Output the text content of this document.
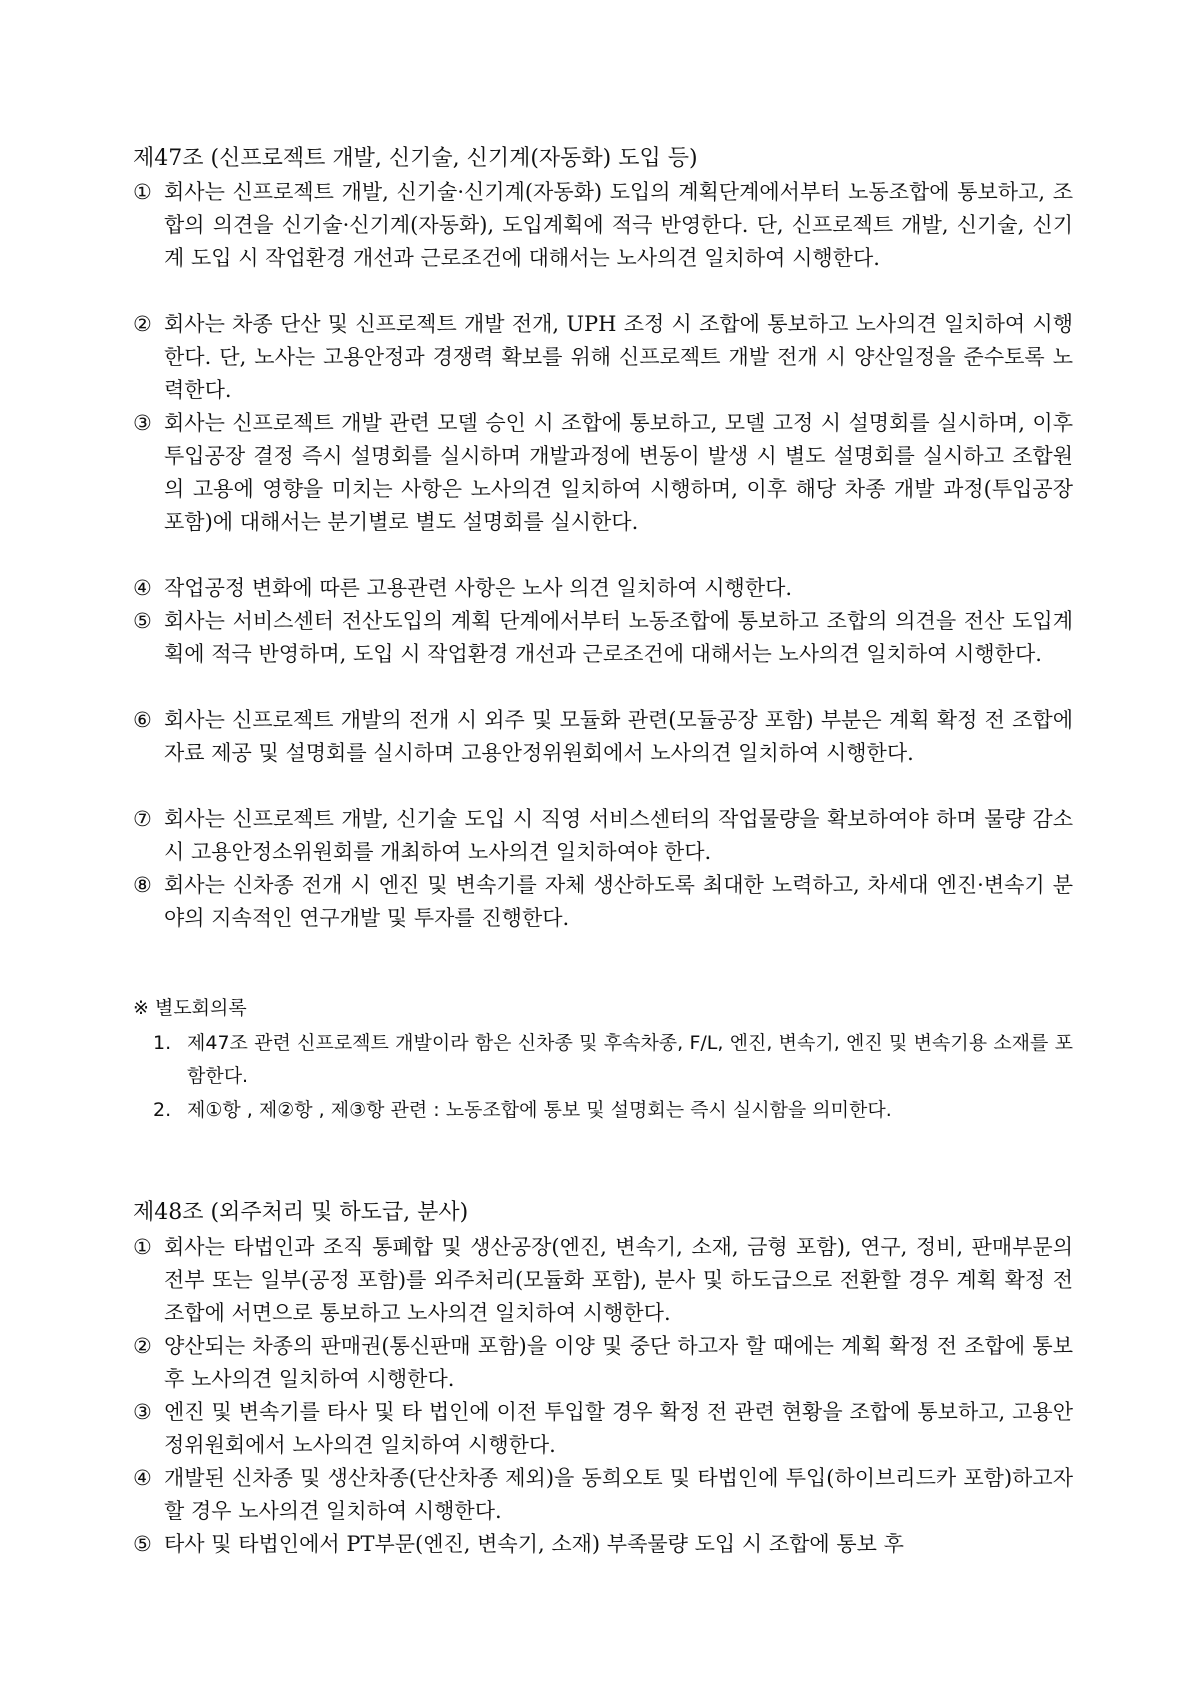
제47조 (신프로젝트 개발, 신기술, 신기계(자동화) 도입 등)
① 회사는 신프로젝트 개발, 신기술·신기계(자동화) 도입의 계획단계에서부터 노동조합에 통보하고, 조합의 의견을 신기술·신기계(자동화), 도입계획에 적극 반영한다. 단, 신프로젝트 개발, 신기술, 신기계 도입 시 작업환경 개선과 근로조건에 대해서는 노사의견 일치하여 시행한다.
② 회사는 차종 단산 및 신프로젝트 개발 전개, UPH 조정 시 조합에 통보하고 노사의견 일치하여 시행한다. 단, 노사는 고용안정과 경쟁력 확보를 위해 신프로젝트 개발 전개 시 양산일정을 준수토록 노력한다.
③ 회사는 신프로젝트 개발 관련 모델 승인 시 조합에 통보하고, 모델 고정 시 설명회를 실시하며, 이후 투입공장 결정 즉시 설명회를 실시하며 개발과정에 변동이 발생 시 별도 설명회를 실시하고 조합원의 고용에 영향을 미치는 사항은 노사의견 일치하여 시행하며, 이후 해당 차종 개발 과정(투입공장 포함)에 대해서는 분기별로 별도 설명회를 실시한다.
④ 작업공정 변화에 따른 고용관련 사항은 노사 의견 일치하여 시행한다.
⑤ 회사는 서비스센터 전산도입의 계획 단계에서부터 노동조합에 통보하고 조합의 의견을 전산 도입계획에 적극 반영하며, 도입 시 작업환경 개선과 근로조건에 대해서는 노사의견 일치하여 시행한다.
⑥ 회사는 신프로젝트 개발의 전개 시 외주 및 모듈화 관련(모듈공장 포함) 부분은 계획 확정 전 조합에 자료 제공 및 설명회를 실시하며 고용안정위원회에서 노사의견 일치하여 시행한다.
⑦ 회사는 신프로젝트 개발, 신기술 도입 시 직영 서비스센터의 작업물량을 확보하여야 하며 물량 감소 시 고용안정소위원회를 개최하여 노사의견 일치하여야 한다.
⑧ 회사는 신차종 전개 시 엔진 및 변속기를 자체 생산하도록 최대한 노력하고, 차세대 엔진·변속기 분야의 지속적인 연구개발 및 투자를 진행한다.
※ 별도회의록
1. 제47조 관련 신프로젝트 개발이라 함은 신차종 및 후속차종, F/L, 엔진, 변속기, 엔진 및 변속기용 소재를 포함한다.
2. 제①항 , 제②항 , 제③항 관련 : 노동조합에 통보 및 설명회는 즉시 실시함을 의미한다.
제48조 (외주처리 및 하도급, 분사)
① 회사는 타법인과 조직 통폐합 및 생산공장(엔진, 변속기, 소재, 금형 포함), 연구, 정비, 판매부문의 전부 또는 일부(공정 포함)를 외주처리(모듈화 포함), 분사 및 하도급으로 전환할 경우 계획 확정 전 조합에 서면으로 통보하고 노사의견 일치하여 시행한다.
② 양산되는 차종의 판매권(통신판매 포함)을 이양 및 중단 하고자 할 때에는 계획 확정 전 조합에 통보 후 노사의견 일치하여 시행한다.
③ 엔진 및 변속기를 타사 및 타 법인에 이전 투입할 경우 확정 전 관련 현황을 조합에 통보하고, 고용안정위원회에서 노사의견 일치하여 시행한다.
④ 개발된 신차종 및 생산차종(단산차종 제외)을 동희오토 및 타법인에 투입(하이브리드카 포함)하고자 할 경우 노사의견 일치하여 시행한다.
⑤ 타사 및 타법인에서 PT부문(엔진, 변속기, 소재) 부족물량 도입 시 조합에 통보 후
